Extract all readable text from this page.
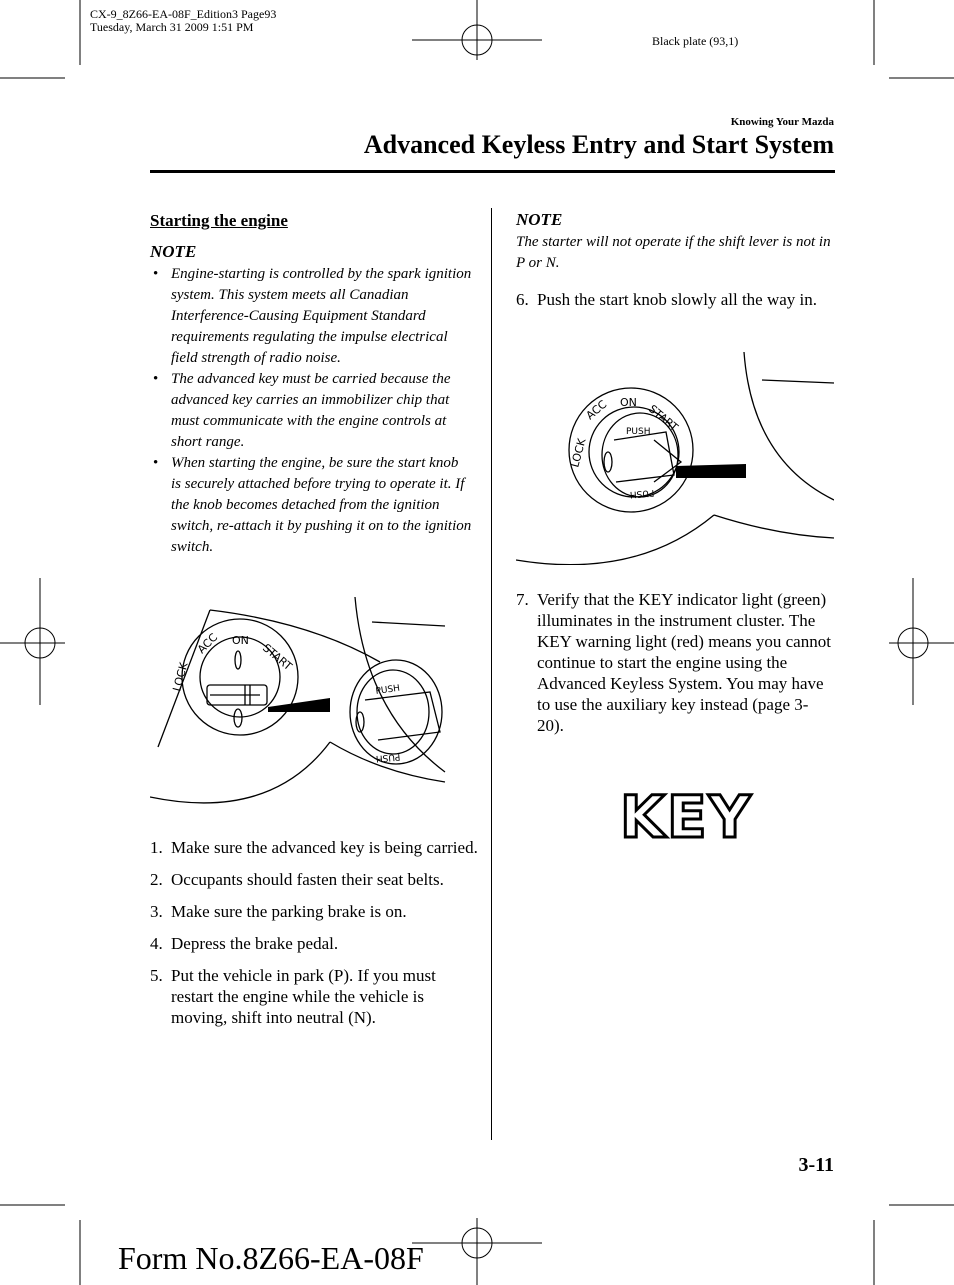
CX-9_8Z66-EA-08F_Edition3 Page93
Tuesday, March 31 2009 1:51 PM
Black plate (93,1)
Knowing Your Mazda
Advanced Keyless Entry and Start System
Starting the engine
NOTE
• Engine-starting is controlled by the spark ignition system. This system meets all Canadian Interference-Causing Equipment Standard requirements regulating the impulse electrical field strength of radio noise.
• The advanced key must be carried because the advanced key carries an immobilizer chip that must communicate with the engine controls at short range.
• When starting the engine, be sure the start knob is securely attached before trying to operate it. If the knob becomes detached from the ignition switch, re-attach it by pushing it on to the ignition switch.
LOCK
ACC ON
START
PUSH
PUSH
1. Make sure the advanced key is being carried.
2. Occupants should fasten their seat belts.
3. Make sure the parking brake is on.
4. Depress the brake pedal.
5. Put the vehicle in park (P). If you must restart the engine while the vehicle is moving, shift into neutral (N).
NOTE
The starter will not operate if the shift lever is not in P or N.
6. Push the start knob slowly all the way in.
LOCK
ACC ON START
PUSH
PUSH
7. Verify that the KEY indicator light (green) illuminates in the instrument cluster. The KEY warning light (red) means you cannot continue to start the engine using the Advanced Keyless System. You may have to use the auxiliary key instead (page 3-20).
KEY
3-11
Form No.8Z66-EA-08F
